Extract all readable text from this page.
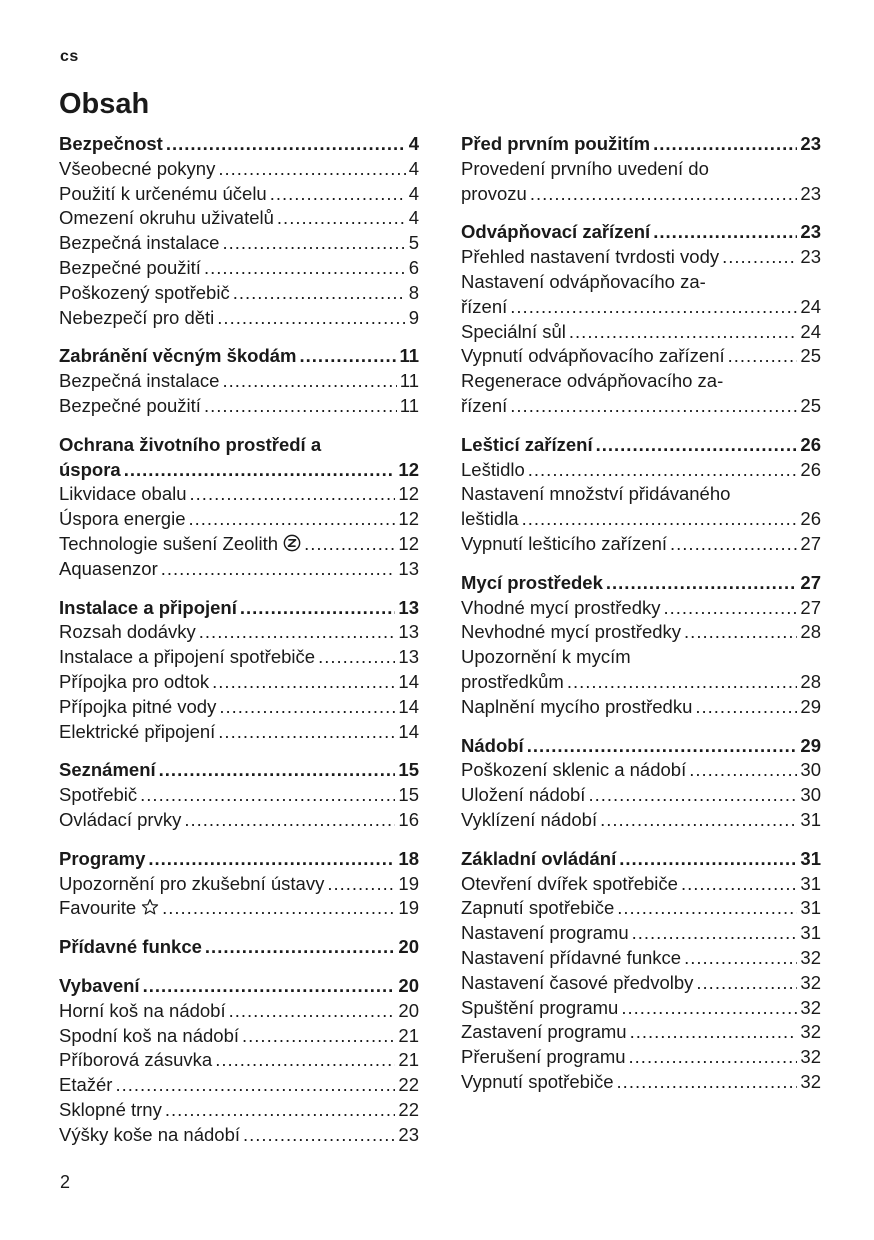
cs
Obsah
Bezpečnost .....	4
Všeobecné pokyny .....	4
Použití k určenému účelu .....	4
Omezení okruhu uživatelů .....	4
Bezpečná instalace .....	5
Bezpečné použití .....	6
Poškozený spotřebič .....	8
Nebezpečí pro děti .....	9
Zabránění věcným škodám .....	11
Bezpečná instalace .....	11
Bezpečné použití .....	11
Ochrana životního prostředí a
úspora .....	12
Likvidace obalu .....	12
Úspora energie .....	12
Technologie sušení Zeolith .....	12
Aquasenzor .....	13
Instalace a připojení .....	13
Rozsah dodávky .....	13
Instalace a připojení spotřebiče .....	13
Přípojka pro odtok .....	14
Přípojka pitné vody .....	14
Elektrické připojení .....	14
Seznámení .....	15
Spotřebič .....	15
Ovládací prvky .....	16
Programy .....	18
Upozornění pro zkušební ústavy .....	19
Favourite .....	19
Přídavné funkce .....	20
Vybavení .....	20
Horní koš na nádobí .....	20
Spodní koš na nádobí .....	21
Příborová zásuvka .....	21
Etažér .....	22
Sklopné trny .....	22
Výšky koše na nádobí .....	23
Před prvním použitím .....	23
Provedení prvního uvedení do
provozu .....	23
Odvápňovací zařízení .....	23
Přehled nastavení tvrdosti vody .....	23
Nastavení odvápňovacího za-
řízení .....	24
Speciální sůl .....	24
Vypnutí odvápňovacího zařízení .....	25
Regenerace odvápňovacího za-
řízení .....	25
Lešticí zařízení .....	26
Leštidlo .....	26
Nastavení množství přidávaného
leštidla .....	26
Vypnutí lešticího zařízení .....	27
Mycí prostředek .....	27
Vhodné mycí prostředky .....	27
Nevhodné mycí prostředky .....	28
Upozornění k mycím
prostředkům .....	28
Naplnění mycího prostředku .....	29
Nádobí .....	29
Poškození sklenic a nádobí .....	30
Uložení nádobí .....	30
Vyklízení nádobí .....	31
Základní ovládání .....	31
Otevření dvířek spotřebiče .....	31
Zapnutí spotřebiče .....	31
Nastavení programu .....	31
Nastavení přídavné funkce .....	32
Nastavení časové předvolby .....	32
Spuštění programu .....	32
Zastavení programu .....	32
Přerušení programu .....	32
Vypnutí spotřebiče .....	32
2
